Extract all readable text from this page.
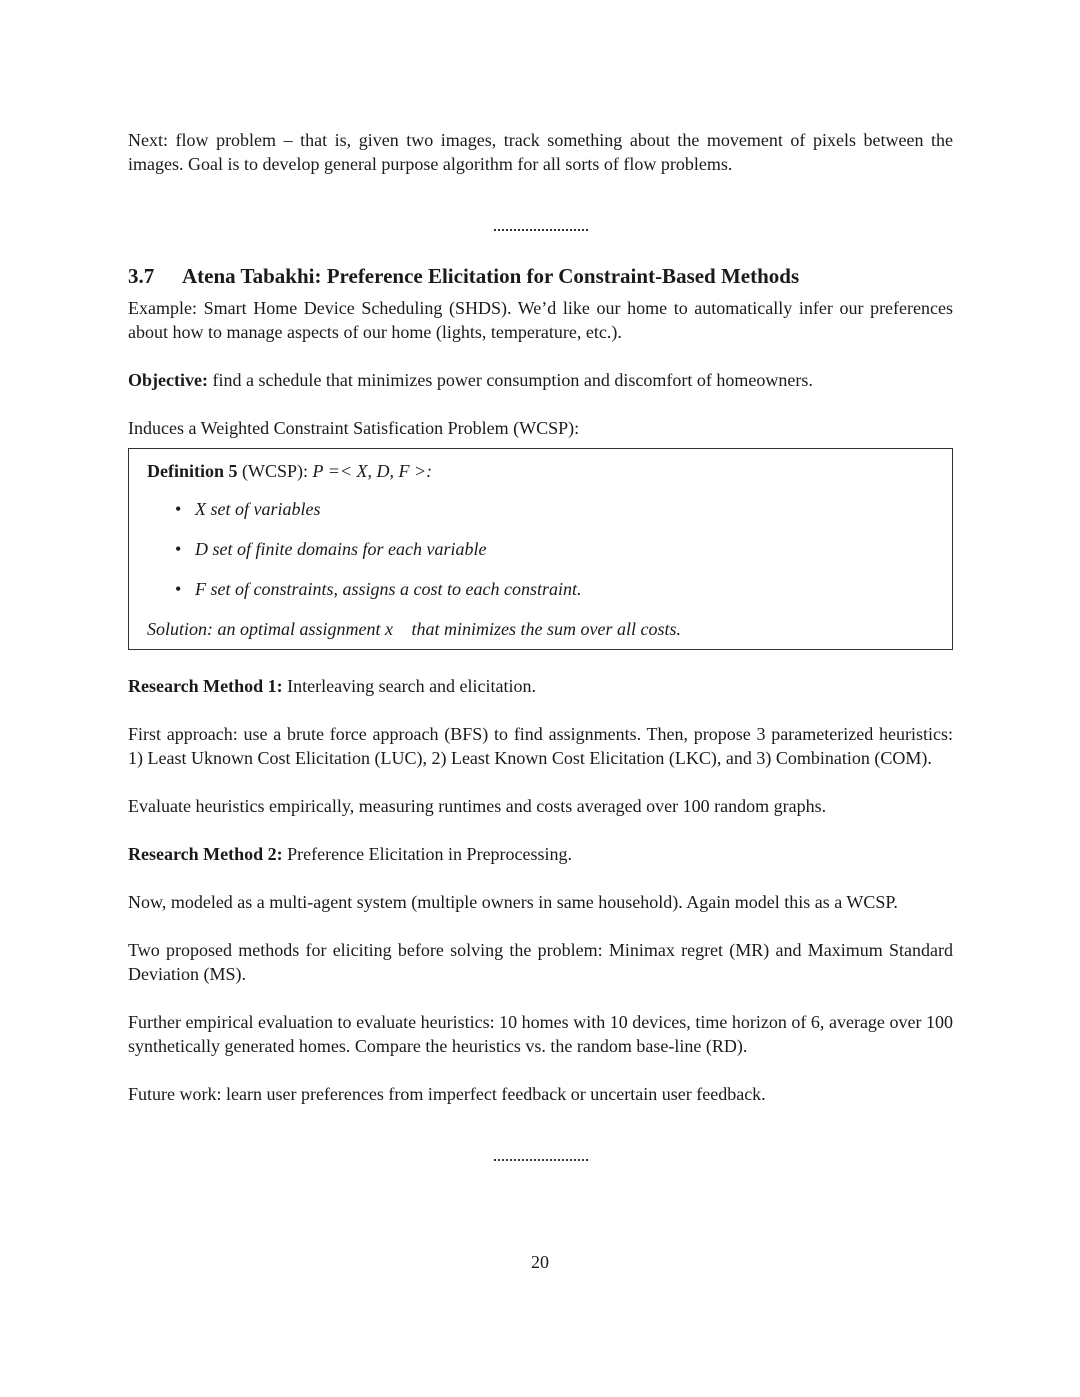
Next: flow problem – that is, given two images, track something about the movement of pixels between the images. Goal is to develop general purpose algorithm for all sorts of flow problems.

3.7 Atena Tabakhi: Preference Elicitation for Constraint-Based Methods

Example: Smart Home Device Scheduling (SHDS). We’d like our home to automatically infer our preferences about how to manage aspects of our home (lights, temperature, etc.).

Objective: find a schedule that minimizes power consumption and discomfort of homeowners.

Induces a Weighted Constraint Satisfication Problem (WCSP):

Definition 5 (WCSP): P =< X, D, F >:
• X set of variables
• D set of finite domains for each variable
• F set of constraints, assigns a cost to each constraint.
Solution: an optimal assignment x⃗ that minimizes the sum over all costs.

Research Method 1: Interleaving search and elicitation.

First approach: use a brute force approach (BFS) to find assignments. Then, propose 3 parameterized heuristics: 1) Least Uknown Cost Elicitation (LUC), 2) Least Known Cost Elicitation (LKC), and 3) Combination (COM).

Evaluate heuristics empirically, measuring runtimes and costs averaged over 100 random graphs.

Research Method 2: Preference Elicitation in Preprocessing.

Now, modeled as a multi-agent system (multiple owners in same household). Again model this as a WCSP.

Two proposed methods for eliciting before solving the problem: Minimax regret (MR) and Maximum Standard Deviation (MS).

Further empirical evaluation to evaluate heuristics: 10 homes with 10 devices, time horizon of 6, average over 100 synthetically generated homes. Compare the heuristics vs. the random base-line (RD).

Future work: learn user preferences from imperfect feedback or uncertain user feedback.

20
